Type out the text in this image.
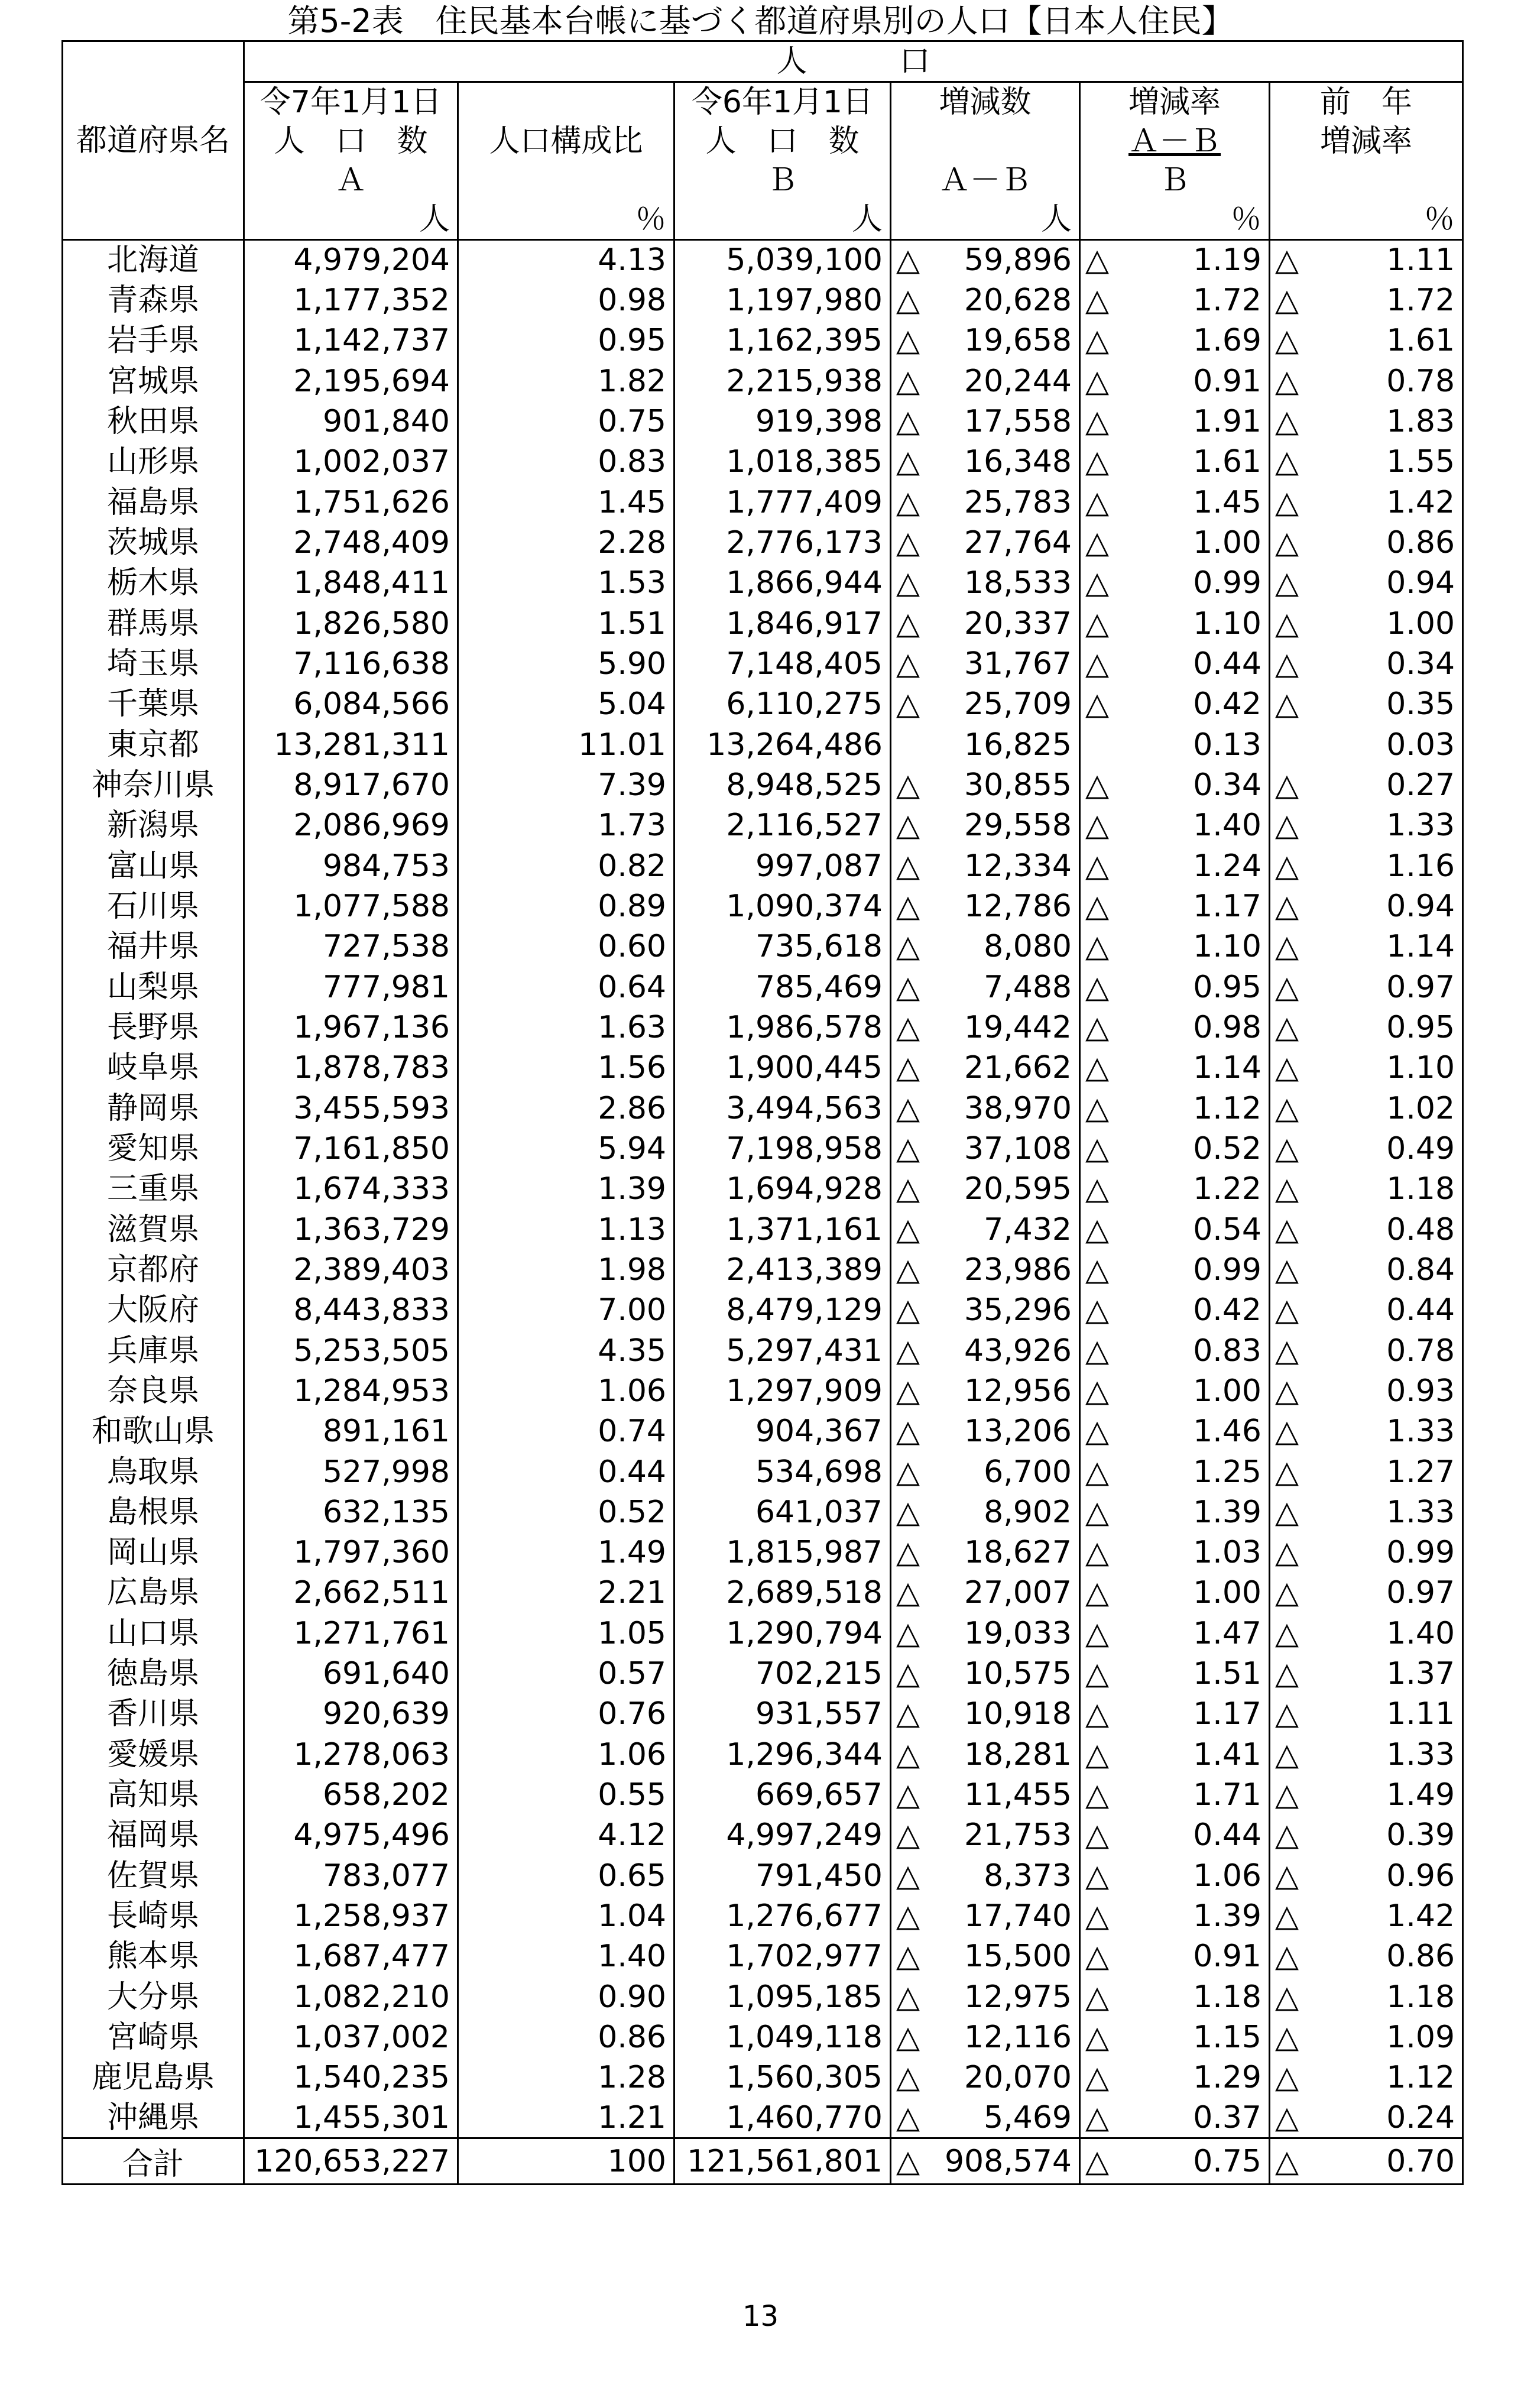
第5-2表　住民基本台帳に基づく都道府県別の人口【日本人住民】
都道府県名	人　　　口								
	令7年1月1日	人口構成比	令6年1月1日	増減数		増減率		前　年	
	人　口　数		人　口　数			Ａ－Ｂ		増減率	
	Ａ		Ｂ	Ａ－Ｂ		Ｂ			
	人	％	人	人		％		％	
北海道	4,979,204	4.13	5,039,100	△	59,896	△	1.19	△	1.11
青森県	1,177,352	0.98	1,197,980	△	20,628	△	1.72	△	1.72
岩手県	1,142,737	0.95	1,162,395	△	19,658	△	1.69	△	1.61
宮城県	2,195,694	1.82	2,215,938	△	20,244	△	0.91	△	0.78
秋田県	901,840	0.75	919,398	△	17,558	△	1.91	△	1.83
山形県	1,002,037	0.83	1,018,385	△	16,348	△	1.61	△	1.55
福島県	1,751,626	1.45	1,777,409	△	25,783	△	1.45	△	1.42
茨城県	2,748,409	2.28	2,776,173	△	27,764	△	1.00	△	0.86
栃木県	1,848,411	1.53	1,866,944	△	18,533	△	0.99	△	0.94
群馬県	1,826,580	1.51	1,846,917	△	20,337	△	1.10	△	1.00
埼玉県	7,116,638	5.90	7,148,405	△	31,767	△	0.44	△	0.34
千葉県	6,084,566	5.04	6,110,275	△	25,709	△	0.42	△	0.35
東京都	13,281,311	11.01	13,264,486		16,825		0.13		0.03
神奈川県	8,917,670	7.39	8,948,525	△	30,855	△	0.34	△	0.27
新潟県	2,086,969	1.73	2,116,527	△	29,558	△	1.40	△	1.33
富山県	984,753	0.82	997,087	△	12,334	△	1.24	△	1.16
石川県	1,077,588	0.89	1,090,374	△	12,786	△	1.17	△	0.94
福井県	727,538	0.60	735,618	△	8,080	△	1.10	△	1.14
山梨県	777,981	0.64	785,469	△	7,488	△	0.95	△	0.97
長野県	1,967,136	1.63	1,986,578	△	19,442	△	0.98	△	0.95
岐阜県	1,878,783	1.56	1,900,445	△	21,662	△	1.14	△	1.10
静岡県	3,455,593	2.86	3,494,563	△	38,970	△	1.12	△	1.02
愛知県	7,161,850	5.94	7,198,958	△	37,108	△	0.52	△	0.49
三重県	1,674,333	1.39	1,694,928	△	20,595	△	1.22	△	1.18
滋賀県	1,363,729	1.13	1,371,161	△	7,432	△	0.54	△	0.48
京都府	2,389,403	1.98	2,413,389	△	23,986	△	0.99	△	0.84
大阪府	8,443,833	7.00	8,479,129	△	35,296	△	0.42	△	0.44
兵庫県	5,253,505	4.35	5,297,431	△	43,926	△	0.83	△	0.78
奈良県	1,284,953	1.06	1,297,909	△	12,956	△	1.00	△	0.93
和歌山県	891,161	0.74	904,367	△	13,206	△	1.46	△	1.33
鳥取県	527,998	0.44	534,698	△	6,700	△	1.25	△	1.27
島根県	632,135	0.52	641,037	△	8,902	△	1.39	△	1.33
岡山県	1,797,360	1.49	1,815,987	△	18,627	△	1.03	△	0.99
広島県	2,662,511	2.21	2,689,518	△	27,007	△	1.00	△	0.97
山口県	1,271,761	1.05	1,290,794	△	19,033	△	1.47	△	1.40
徳島県	691,640	0.57	702,215	△	10,575	△	1.51	△	1.37
香川県	920,639	0.76	931,557	△	10,918	△	1.17	△	1.11
愛媛県	1,278,063	1.06	1,296,344	△	18,281	△	1.41	△	1.33
高知県	658,202	0.55	669,657	△	11,455	△	1.71	△	1.49
福岡県	4,975,496	4.12	4,997,249	△	21,753	△	0.44	△	0.39
佐賀県	783,077	0.65	791,450	△	8,373	△	1.06	△	0.96
長崎県	1,258,937	1.04	1,276,677	△	17,740	△	1.39	△	1.42
熊本県	1,687,477	1.40	1,702,977	△	15,500	△	0.91	△	0.86
大分県	1,082,210	0.90	1,095,185	△	12,975	△	1.18	△	1.18
宮崎県	1,037,002	0.86	1,049,118	△	12,116	△	1.15	△	1.09
鹿児島県	1,540,235	1.28	1,560,305	△	20,070	△	1.29	△	1.12
沖縄県	1,455,301	1.21	1,460,770	△	5,469	△	0.37	△	0.24
合計	120,653,227	100	121,561,801	△	908,574	△	0.75	△	0.70
13
